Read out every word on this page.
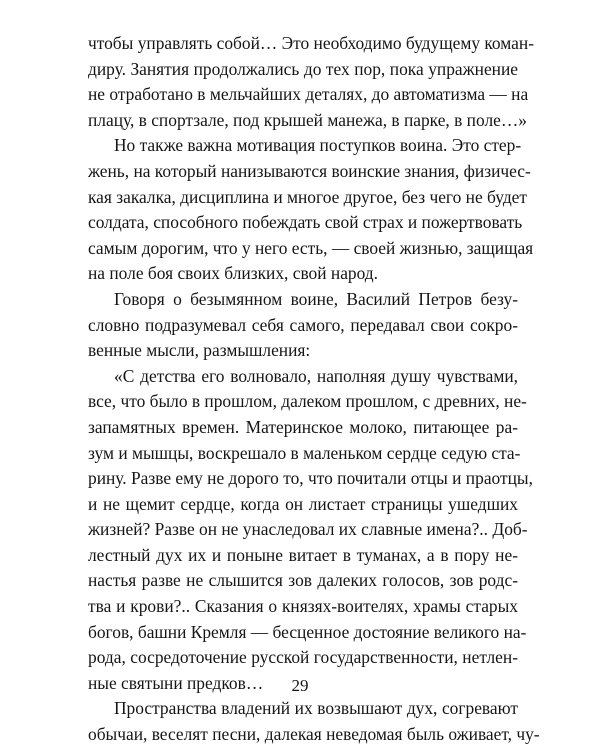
чтобы управлять собой… Это необходимо будущему коман-
диру. Занятия продолжались до тех пор, пока упражнение
не отработано в мельчайших деталях, до автоматизма — на
плацу, в спортзале, под крышей манежа, в парке, в поле…»
Но также важна мотивация поступков воина. Это стер-
жень, на который нанизываются воинские знания, физичес-
кая закалка, дисциплина и многое другое, без чего не будет
солдата, способного побеждать свой страх и пожертвовать
самым дорогим, что у него есть, — своей жизнью, защищая
на поле боя своих близких, свой народ.
Говоря о безымянном воине, Василий Петров безу-
словно подразумевал себя самого, передавал свои сокро-
венные мысли, размышления:
«С детства его волновало, наполняя душу чувствами,
все, что было в прошлом, далеком прошлом, с древних, не-
запамятных времен. Материнское молоко, питающее ра-
зум и мышцы, воскрешало в маленьком сердце седую ста-
рину. Разве ему не дорого то, что почитали отцы и праотцы,
и не щемит сердце, когда он листает страницы ушедших
жизней? Разве он не унаследовал их славные имена?.. Доб-
лестный дух их и поныне витает в туманах, а в пору не-
настья разве не слышится зов далеких голосов, зов родс-
тва и крови?.. Сказания о князях-воителях, храмы старых
богов, башни Кремля — бесценное достояние великого на-
рода, сосредоточение русской государственности, нетлен-
ные святыни предков…
Пространства владений их возвышают дух, согревают
обычаи, веселят песни, далекая неведомая быль оживает, чу-
29
